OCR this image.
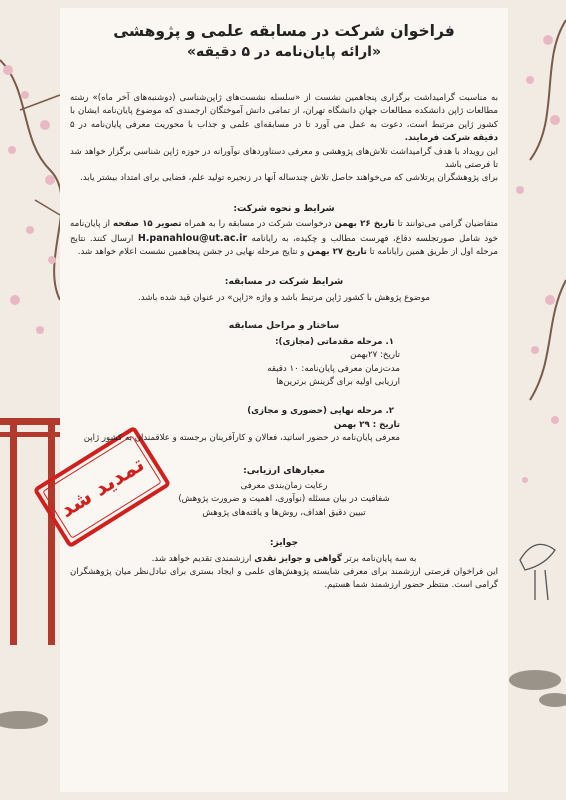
تمدید شد
فراخوان شرکت در مسابقه علمی و پژوهشی
«ارائه پایان‌نامه در ۵ دقیقه»

به مناسبت گرامیداشت برگزاری پنجاهمین نشست از «سلسله نشست‌های ژاپن‌شناسی (دوشنبه‌های آخر ماه)» رشته مطالعات ژاپن دانشکده مطالعات جهان دانشگاه تهران، از تمامی دانش آموختگان ارجمندی که موضوع پایان‌نامه ایشان با کشور ژاپن مرتبط است، دعوت به عمل می آورد تا در مسابقه‌ای علمی و جذاب با محوریت معرفی پایان‌نامه در ۵ دقیقه شرکت فرمایند.

این رویداد با هدف گرامیداشت تلاش‌های پژوهشی و معرفی دستاوردهای نوآورانه در حوزه ژاپن شناسی برگزار خواهد شد تا فرصتی باشد

برای پژوهشگران پرتلاشی که می‌خواهند حاصل تلاش چندساله آنها در زنجیره تولید علم، فضایی برای امتداد بیشتر یابد.

شرایط و نحوه شرکت:

متقاضیان گرامی می‌توانند تا تاریخ ۲۶ بهمن درخواست شرکت در مسابقه را به همراه تصویر ۱۵ صفحه از پایان‌نامه خود شامل صورتجلسه دفاع، فهرست مطالب و چکیده، به رایانامه H.panahlou@ut.ac.ir ارسال کنند. نتایج مرحله اول از طریق همین رایانامه تا تاریخ ۲۷ بهمن و نتایج مرحله نهایی در جشن پنجاهمین نشست اعلام خواهد شد.

شرایط شرکت در مسابقه:

موضوع پژوهش با کشور ژاپن مرتبط باشد و واژه «ژاپن» در عنوان قید شده باشد.

ساختار و مراحل مسابقه

۱. مرحله مقدماتی (مجازی):

تاریخ: ۲۷بهمن

مدت‌زمان معرفی پایان‌نامه: ۱۰ دقیقه

ارزیابی اولیه برای گزینش برترین‌ها

۲. مرحله نهایی (حضوری و مجازی)

تاریخ : ۲۹ بهمن

معرفی پایان‌نامه در حضور اساتید، فعالان و کارآفرینان برجسته و علاقمندان به کشور ژاپن

معیارهای ارزیابی:

رعایت زمان‌بندی معرفی

شفافیت در بیان مسئله (نوآوری، اهمیت و ضرورت پژوهش)

تبیین دقیق اهداف، روش‌ها و یافته‌های پژوهش

جوایز:

به سه پایان‌نامه برتر گواهی و جوایز نقدی ارزشمندی تقدیم خواهد شد.

این فراخوان فرصتی ارزشمند برای معرفی شایسته پژوهش‌های علمی و ایجاد بستری برای تبادل‌نظر میان پژوهشگران گرامی است. منتظر حضور ارزشمند شما هستیم.
